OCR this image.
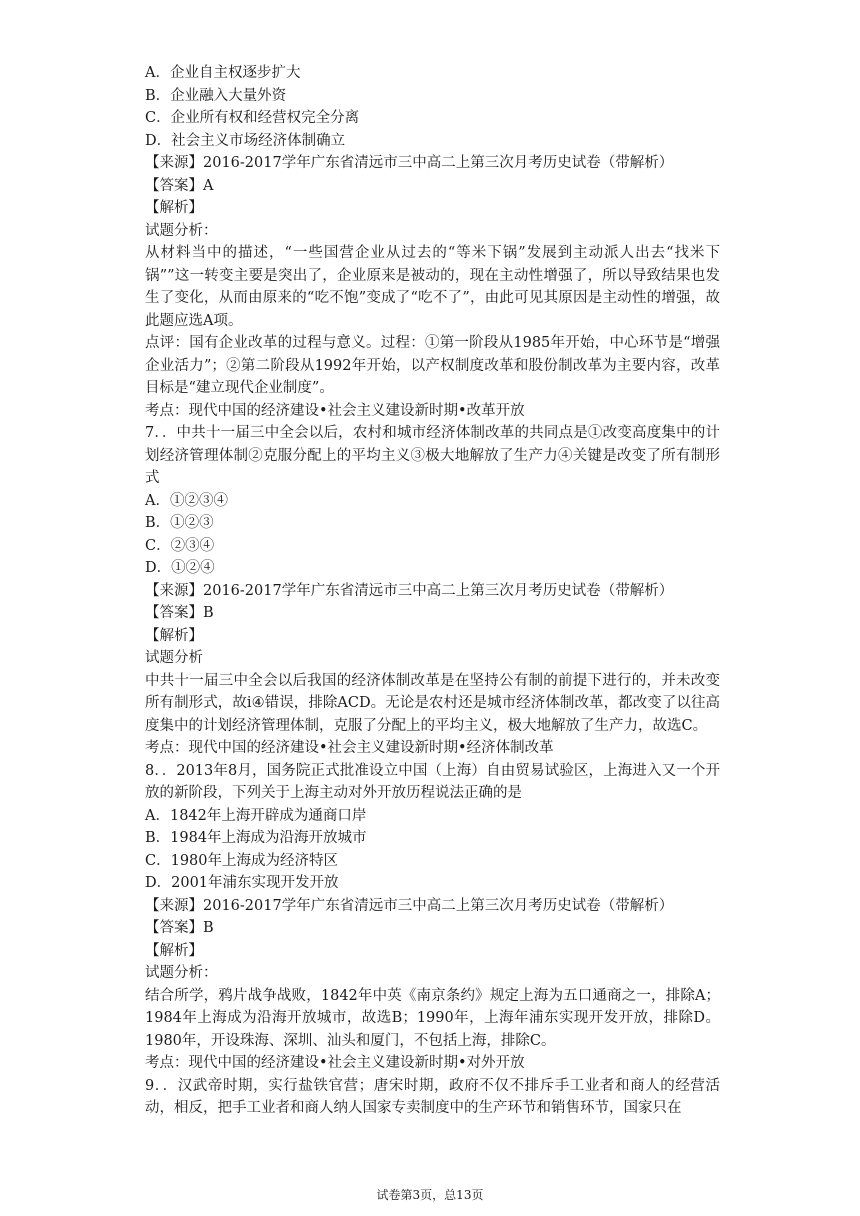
A．企业自主权逐步扩大
B．企业融入大量外资
C．企业所有权和经营权完全分离
D．社会主义市场经济体制确立
【来源】2016-2017学年广东省清远市三中高二上第三次月考历史试卷（带解析）
【答案】A
【解析】
试题分析：
从材料当中的描述，“一些国营企业从过去的“等米下锅”发展到主动派人出去“找米下锅””这一转变主要是突出了，企业原来是被动的，现在主动性增强了，所以导致结果也发生了变化，从而由原来的“吃不饱”变成了“吃不了”，由此可见其原因是主动性的增强，故此题应选A项。
点评：国有企业改革的过程与意义。过程：①第一阶段从1985年开始，中心环节是“增强企业活力”；②第二阶段从1992年开始，以产权制度改革和股份制改革为主要内容，改革目标是“建立现代企业制度”。
考点：现代中国的经济建设•社会主义建设新时期•改革开放
7．．中共十一届三中全会以后，农村和城市经济体制改革的共同点是①改变高度集中的计划经济管理体制②克服分配上的平均主义③极大地解放了生产力④关键是改变了所有制形式
A．①②③④
B．①②③
C．②③④
D．①②④
【来源】2016-2017学年广东省清远市三中高二上第三次月考历史试卷（带解析）
【答案】B
【解析】
试题分析
中共十一届三中全会以后我国的经济体制改革是在坚持公有制的前提下进行的，并未改变所有制形式，故ⅰ④错误，排除ACD。无论是农村还是城市经济体制改革，都改变了以往高度集中的计划经济管理体制，克服了分配上的平均主义，极大地解放了生产力，故选C。
考点：现代中国的经济建设•社会主义建设新时期•经济体制改革
8．．2013年8月，国务院正式批准设立中国（上海）自由贸易试验区，上海进入又一个开放的新阶段，下列关于上海主动对外开放历程说法正确的是
A．1842年上海开辟成为通商口岸
B．1984年上海成为沿海开放城市
C．1980年上海成为经济特区
D．2001年浦东实现开发开放
【来源】2016-2017学年广东省清远市三中高二上第三次月考历史试卷（带解析）
【答案】B
【解析】
试题分析：
结合所学，鸦片战争战败，1842年中英《南京条约》规定上海为五口通商之一，排除A；1984年上海成为沿海开放城市，故选B；1990年，上海年浦东实现开发开放，排除D。1980年，开设珠海、深圳、汕头和厦门，不包括上海，排除C。
考点：现代中国的经济建设•社会主义建设新时期•对外开放
9．．汉武帝时期，实行盐铁官营；唐宋时期，政府不仅不排斥手工业者和商人的经营活动，相反，把手工业者和商人纳人国家专卖制度中的生产环节和销售环节，国家只在
试卷第3页，总13页
